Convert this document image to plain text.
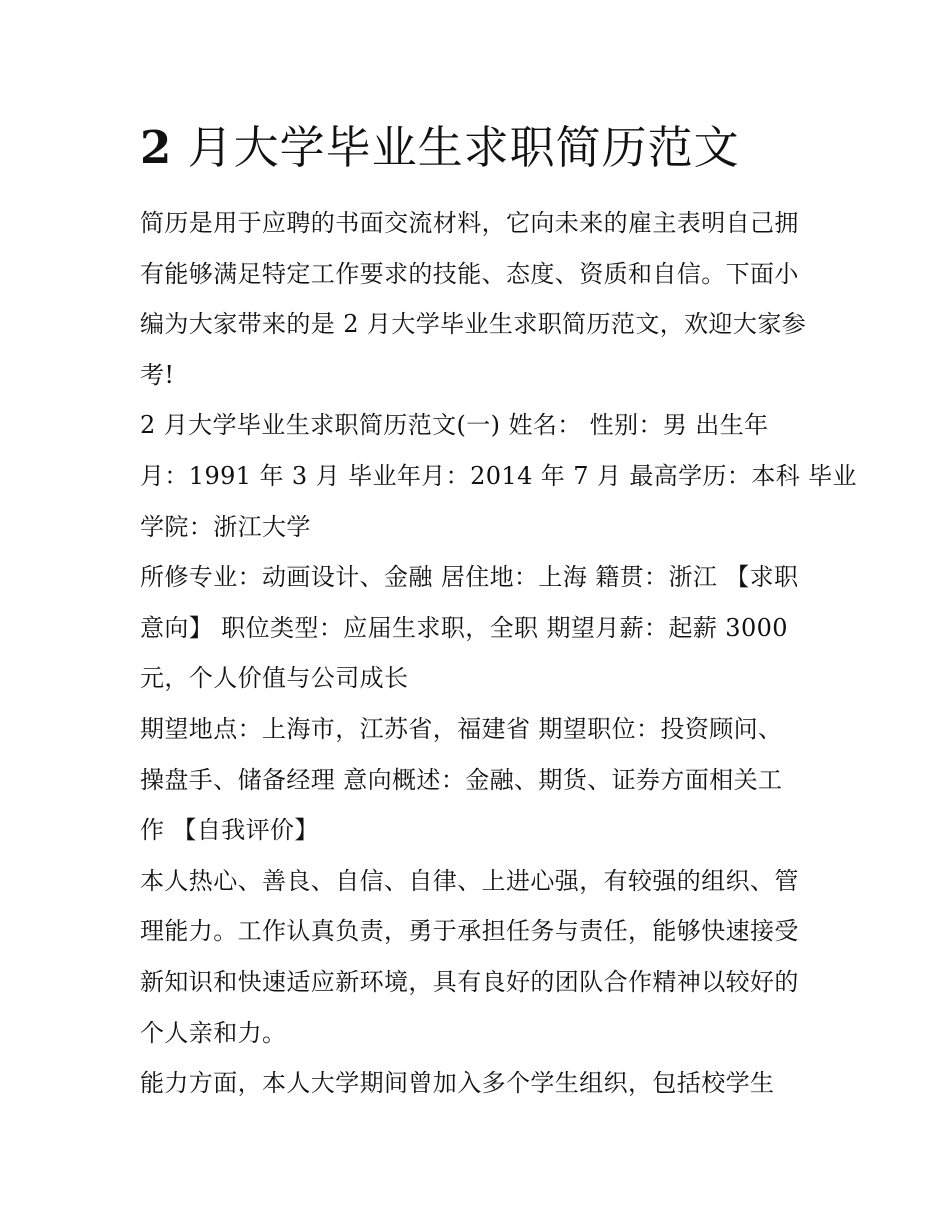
2 月大学毕业生求职简历范文
简历是用于应聘的书面交流材料，它向未来的雇主表明自己拥
有能够满足特定工作要求的技能、态度、资质和自信。下面小
编为大家带来的是 2 月大学毕业生求职简历范文，欢迎大家参
考!
2 月大学毕业生求职简历范文(一) 姓名： 性别：男 出生年
月：1991 年 3 月 毕业年月：2014 年 7 月 最高学历：本科 毕业
学院：浙江大学
所修专业：动画设计、金融 居住地：上海 籍贯：浙江 【求职
意向】 职位类型：应届生求职，全职 期望月薪：起薪 3000
元，个人价值与公司成长
期望地点：上海市，江苏省，福建省 期望职位：投资顾问、
操盘手、储备经理 意向概述：金融、期货、证券方面相关工
作 【自我评价】
本人热心、善良、自信、自律、上进心强，有较强的组织、管
理能力。工作认真负责，勇于承担任务与责任，能够快速接受
新知识和快速适应新环境，具有良好的团队合作精神以较好的
个人亲和力。
能力方面，本人大学期间曾加入多个学生组织，包括校学生
